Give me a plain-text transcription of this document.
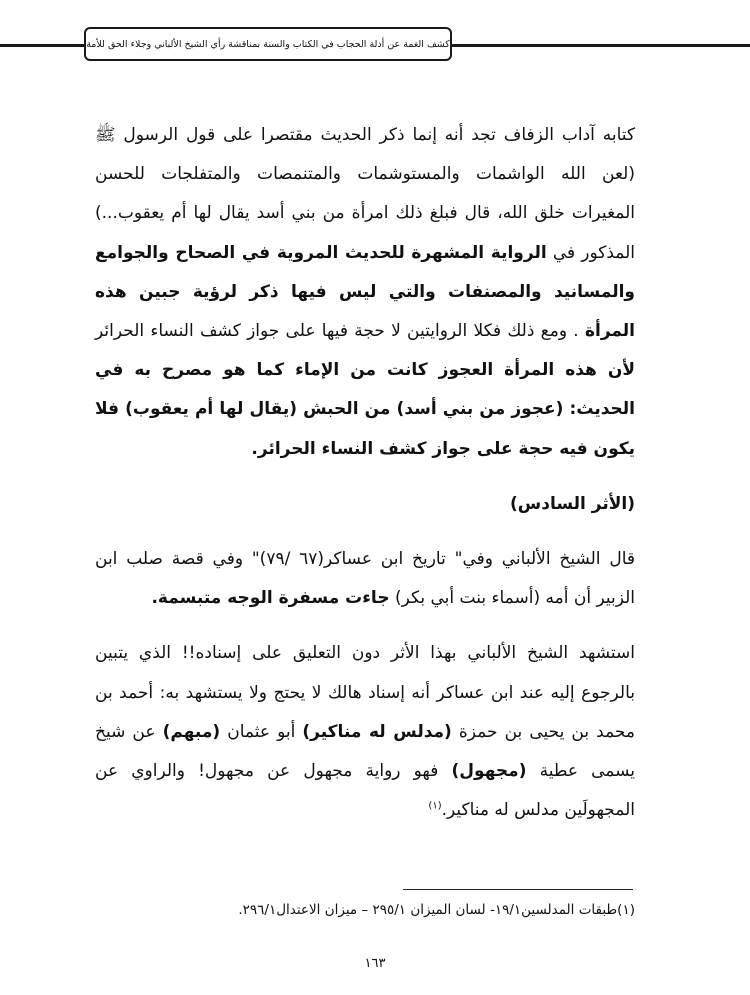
كشف الغمة عن أدلة الحجاب في الكتاب والسنة بمناقشة رأي الشيخ الألباني وجلاء الحق للأمة

كتابه آداب الزفاف تجد أنه إنما ذكر الحديث مقتصرا على قول الرسول ﷺ (لعن الله الواشمات والمستوشمات والمتنمصات والمتفلجات للحسن المغيرات خلق الله، قال فبلغ ذلك امرأة من بني أسد يقال لها أم يعقوب...) المذكور في الرواية المشهرة للحديث المروية في الصحاح والجوامع والمسانيد والمصنفات والتي ليس فيها ذكر لرؤية جبين هذه المرأة . ومع ذلك فكلا الروايتين لا حجة فيها على جواز كشف النساء الحرائر لأن هذه المرأة العجوز كانت من الإماء كما هو مصرح به في الحديث: (عجوز من بني أسد) من الحبش (يقال لها أم يعقوب) فلا يكون فيه حجة على جواز كشف النساء الحرائر.

(الأثر السادس)

قال الشيخ الألباني وفي" تاريخ ابن عساكر(٦٧ /٧٩)" وفي قصة صلب ابن الزبير أن أمه (أسماء بنت أبي بكر) جاءت مسفرة الوجه متبسمة.

استشهد الشيخ الألباني بهذا الأثر دون التعليق على إسناده!! الذي يتبين بالرجوع إليه عند ابن عساكر أنه إسناد هالك لا يحتج ولا يستشهد به: أحمد بن محمد بن يحيى بن حمزة (مدلس له مناكير) أبو عثمان (مبهم) عن شيخ يسمى عطية (مجهول) فهو رواية مجهول عن مجهول! والراوي عن المجهولَين مدلس له مناكير.$^{(١)}$

(١)طبقات المدلسين١٩/١- لسان الميزان ٢٩٥/١ – ميزان الاعتدال٢٩٦/١.
١٦٣
